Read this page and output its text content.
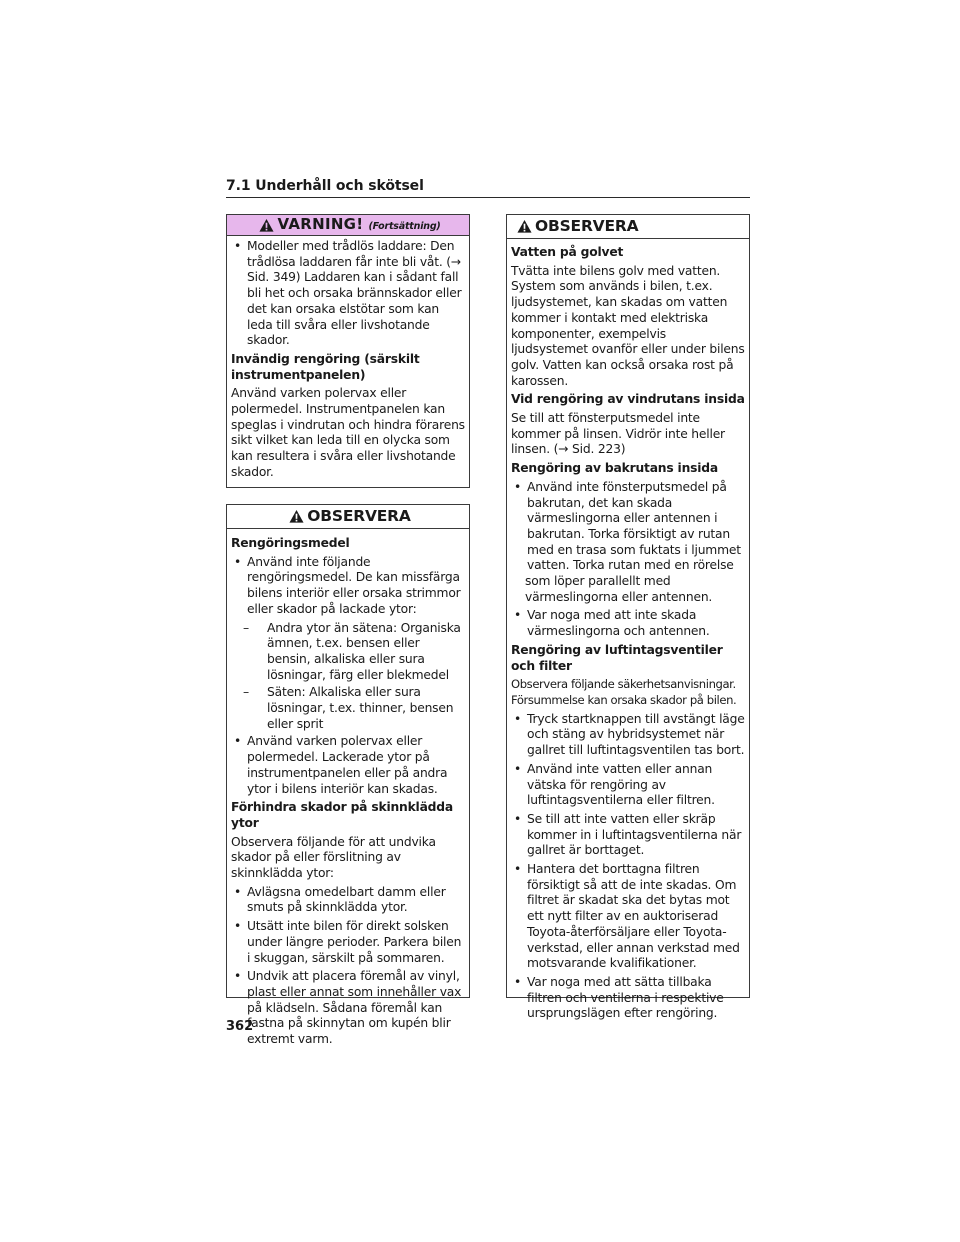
7.1 Underhåll och skötsel
VARNING! (Fortsättning)
• Modeller med trådlös laddare: Den trådlösa laddaren får inte bli våt. (→ Sid. 349) Laddaren kan i sådant fall bli het och orsaka brännskador eller det kan orsaka elstötar som kan leda till svåra eller livshotande skador.
Invändig rengöring (särskilt instrumentpanelen)
Använd varken polervax eller polermedel. Instrumentpanelen kan speglas i vindrutan och hindra förarens sikt vilket kan leda till en olycka som kan resultera i svåra eller livshotande skador.
OBSERVERA
Rengöringsmedel
• Använd inte följande rengöringsmedel. De kan missfärga bilens interiör eller orsaka strimmor eller skador på lackade ytor:
– Andra ytor än sätena: Organiska ämnen, t.ex. bensen eller bensin, alkaliska eller sura lösningar, färg eller blekmedel
– Säten: Alkaliska eller sura lösningar, t.ex. thinner, bensen eller sprit
• Använd varken polervax eller polermedel. Lackerade ytor på instrumentpanelen eller på andra ytor i bilens interiör kan skadas.
Förhindra skador på skinnklädda ytor
Observera följande för att undvika skador på eller förslitning av skinnklädda ytor:
• Avlägsna omedelbart damm eller smuts på skinnklädda ytor.
• Utsätt inte bilen för direkt solsken under längre perioder. Parkera bilen i skuggan, särskilt på sommaren.
• Undvik att placera föremål av vinyl, plast eller annat som innehåller vax på klädseln. Sådana föremål kan fastna på skinnytan om kupén blir extremt varm.
OBSERVERA
Vatten på golvet
Tvätta inte bilens golv med vatten. System som används i bilen, t.ex. ljudsystemet, kan skadas om vatten kommer i kontakt med elektriska komponenter, exempelvis ljudsystemet ovanför eller under bilens golv. Vatten kan också orsaka rost på karossen.
Vid rengöring av vindrutans insida
Se till att fönsterputsmedel inte kommer på linsen. Vidrör inte heller linsen. (→ Sid. 223)
Rengöring av bakrutans insida
• Använd inte fönsterputsmedel på bakrutan, det kan skada värmeslingorna eller antennen i bakrutan. Torka försiktigt av rutan med en trasa som fuktats i ljummet vatten. Torka rutan med en rörelse
som löper parallellt med värmeslingorna eller antennen.
• Var noga med att inte skada värmeslingorna och antennen.
Rengöring av luftintagsventiler och filter
Observera följande säkerhetsanvisningar. Försummelse kan orsaka skador på bilen.
• Tryck startknappen till avstängt läge och stäng av hybridsystemet när gallret till luftintagsventilen tas bort.
• Använd inte vatten eller annan vätska för rengöring av luftintagsventilerna eller filtren.
• Se till att inte vatten eller skräp kommer in i luftintagsventilerna när gallret är borttaget.
• Hantera det borttagna filtren försiktigt så att de inte skadas. Om filtret är skadat ska det bytas mot ett nytt filter av en auktoriserad Toyota-återförsäljare eller Toyota-verkstad, eller annan verkstad med motsvarande kvalifikationer.
• Var noga med att sätta tillbaka filtren och ventilerna i respektive ursprungslägen efter rengöring.
362
